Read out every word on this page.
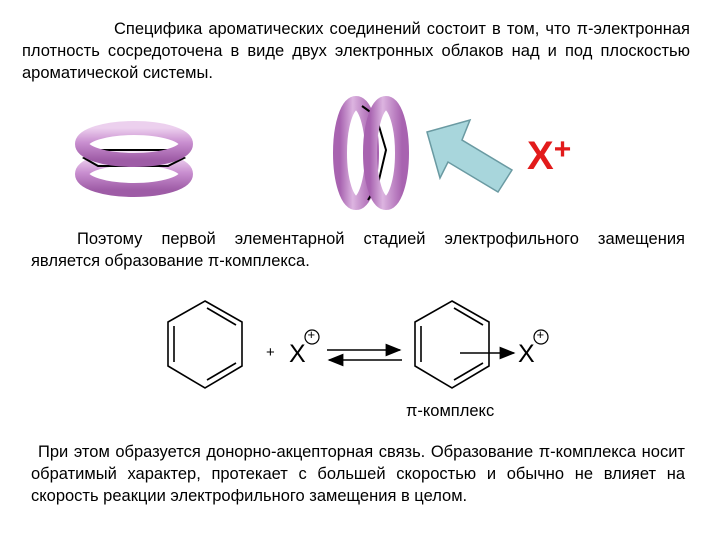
Специфика ароматических соединений состоит в том, что π-электронная плотность сосредоточена в виде двух электронных облаков над и под плоскостью ароматической системы.

X+

Поэтому первой элементарной стадией электрофильного замещения является образование π-комплекса.

+ X
+
X
+
π-комплекс

При этом образуется донорно-акцепторная связь. Образование π-комплекса носит обратимый характер, протекает с большей скоростью и обычно не влияет на скорость реакции электрофильного замещения в целом.
